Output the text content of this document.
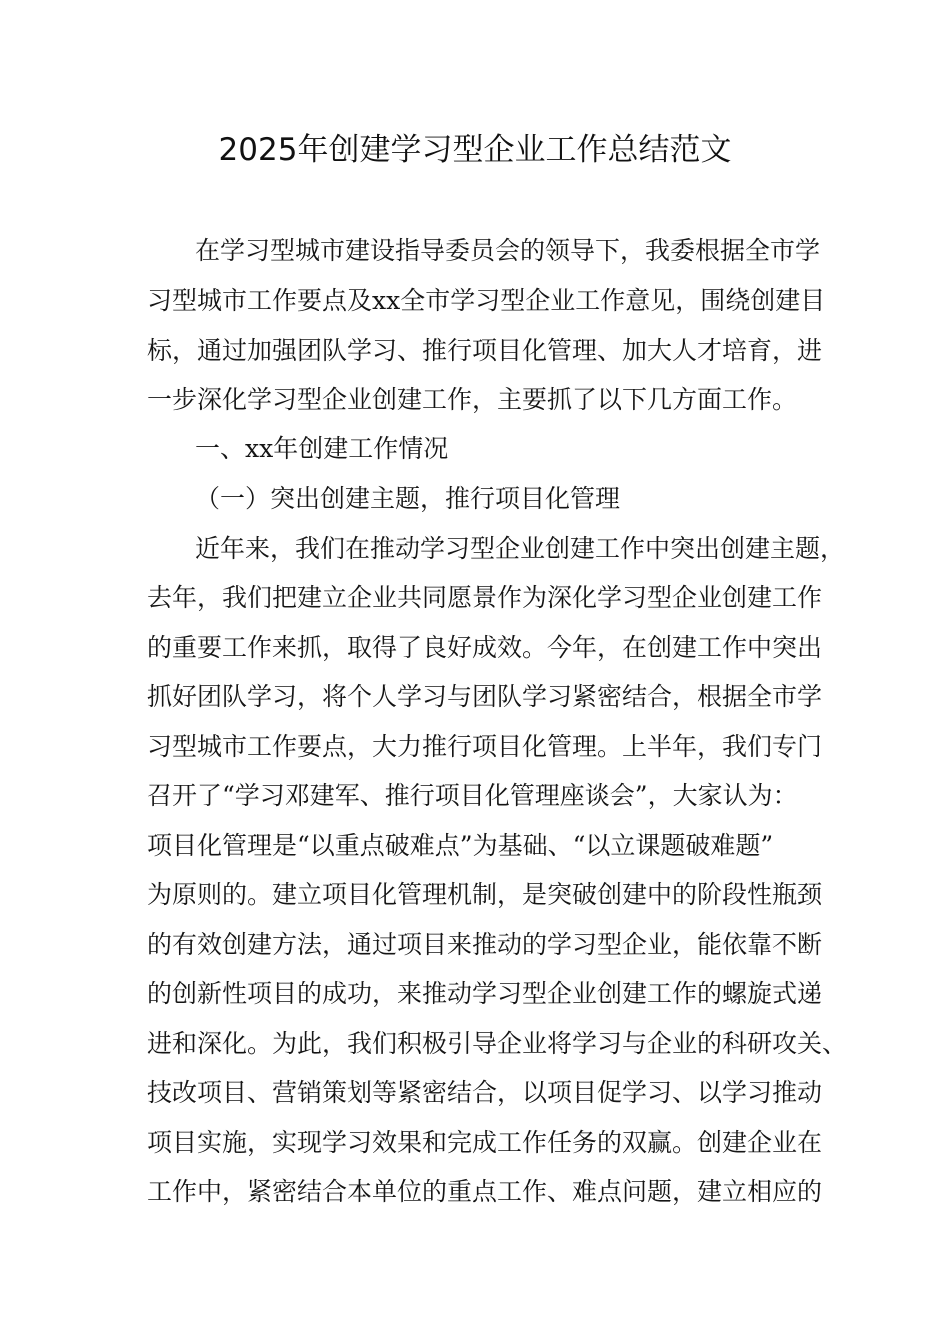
2025年创建学习型企业工作总结范文
在学习型城市建设指导委员会的领导下，我委根据全市学
习型城市工作要点及xx全市学习型企业工作意见，围绕创建目
标，通过加强团队学习、推行项目化管理、加大人才培育，进
一步深化学习型企业创建工作，主要抓了以下几方面工作。
一、xx年创建工作情况
（一）突出创建主题，推行项目化管理
近年来，我们在推动学习型企业创建工作中突出创建主题，
去年，我们把建立企业共同愿景作为深化学习型企业创建工作
的重要工作来抓，取得了良好成效。今年，在创建工作中突出
抓好团队学习，将个人学习与团队学习紧密结合，根据全市学
习型城市工作要点，大力推行项目化管理。上半年，我们专门
召开了“学习邓建军、推行项目化管理座谈会”，大家认为：
项目化管理是“以重点破难点”为基础、“以立课题破难题”
为原则的。建立项目化管理机制，是突破创建中的阶段性瓶颈
的有效创建方法，通过项目来推动的学习型企业，能依靠不断
的创新性项目的成功，来推动学习型企业创建工作的螺旋式递
进和深化。为此，我们积极引导企业将学习与企业的科研攻关、
技改项目、营销策划等紧密结合，以项目促学习、以学习推动
项目实施，实现学习效果和完成工作任务的双赢。创建企业在
工作中，紧密结合本单位的重点工作、难点问题，建立相应的
